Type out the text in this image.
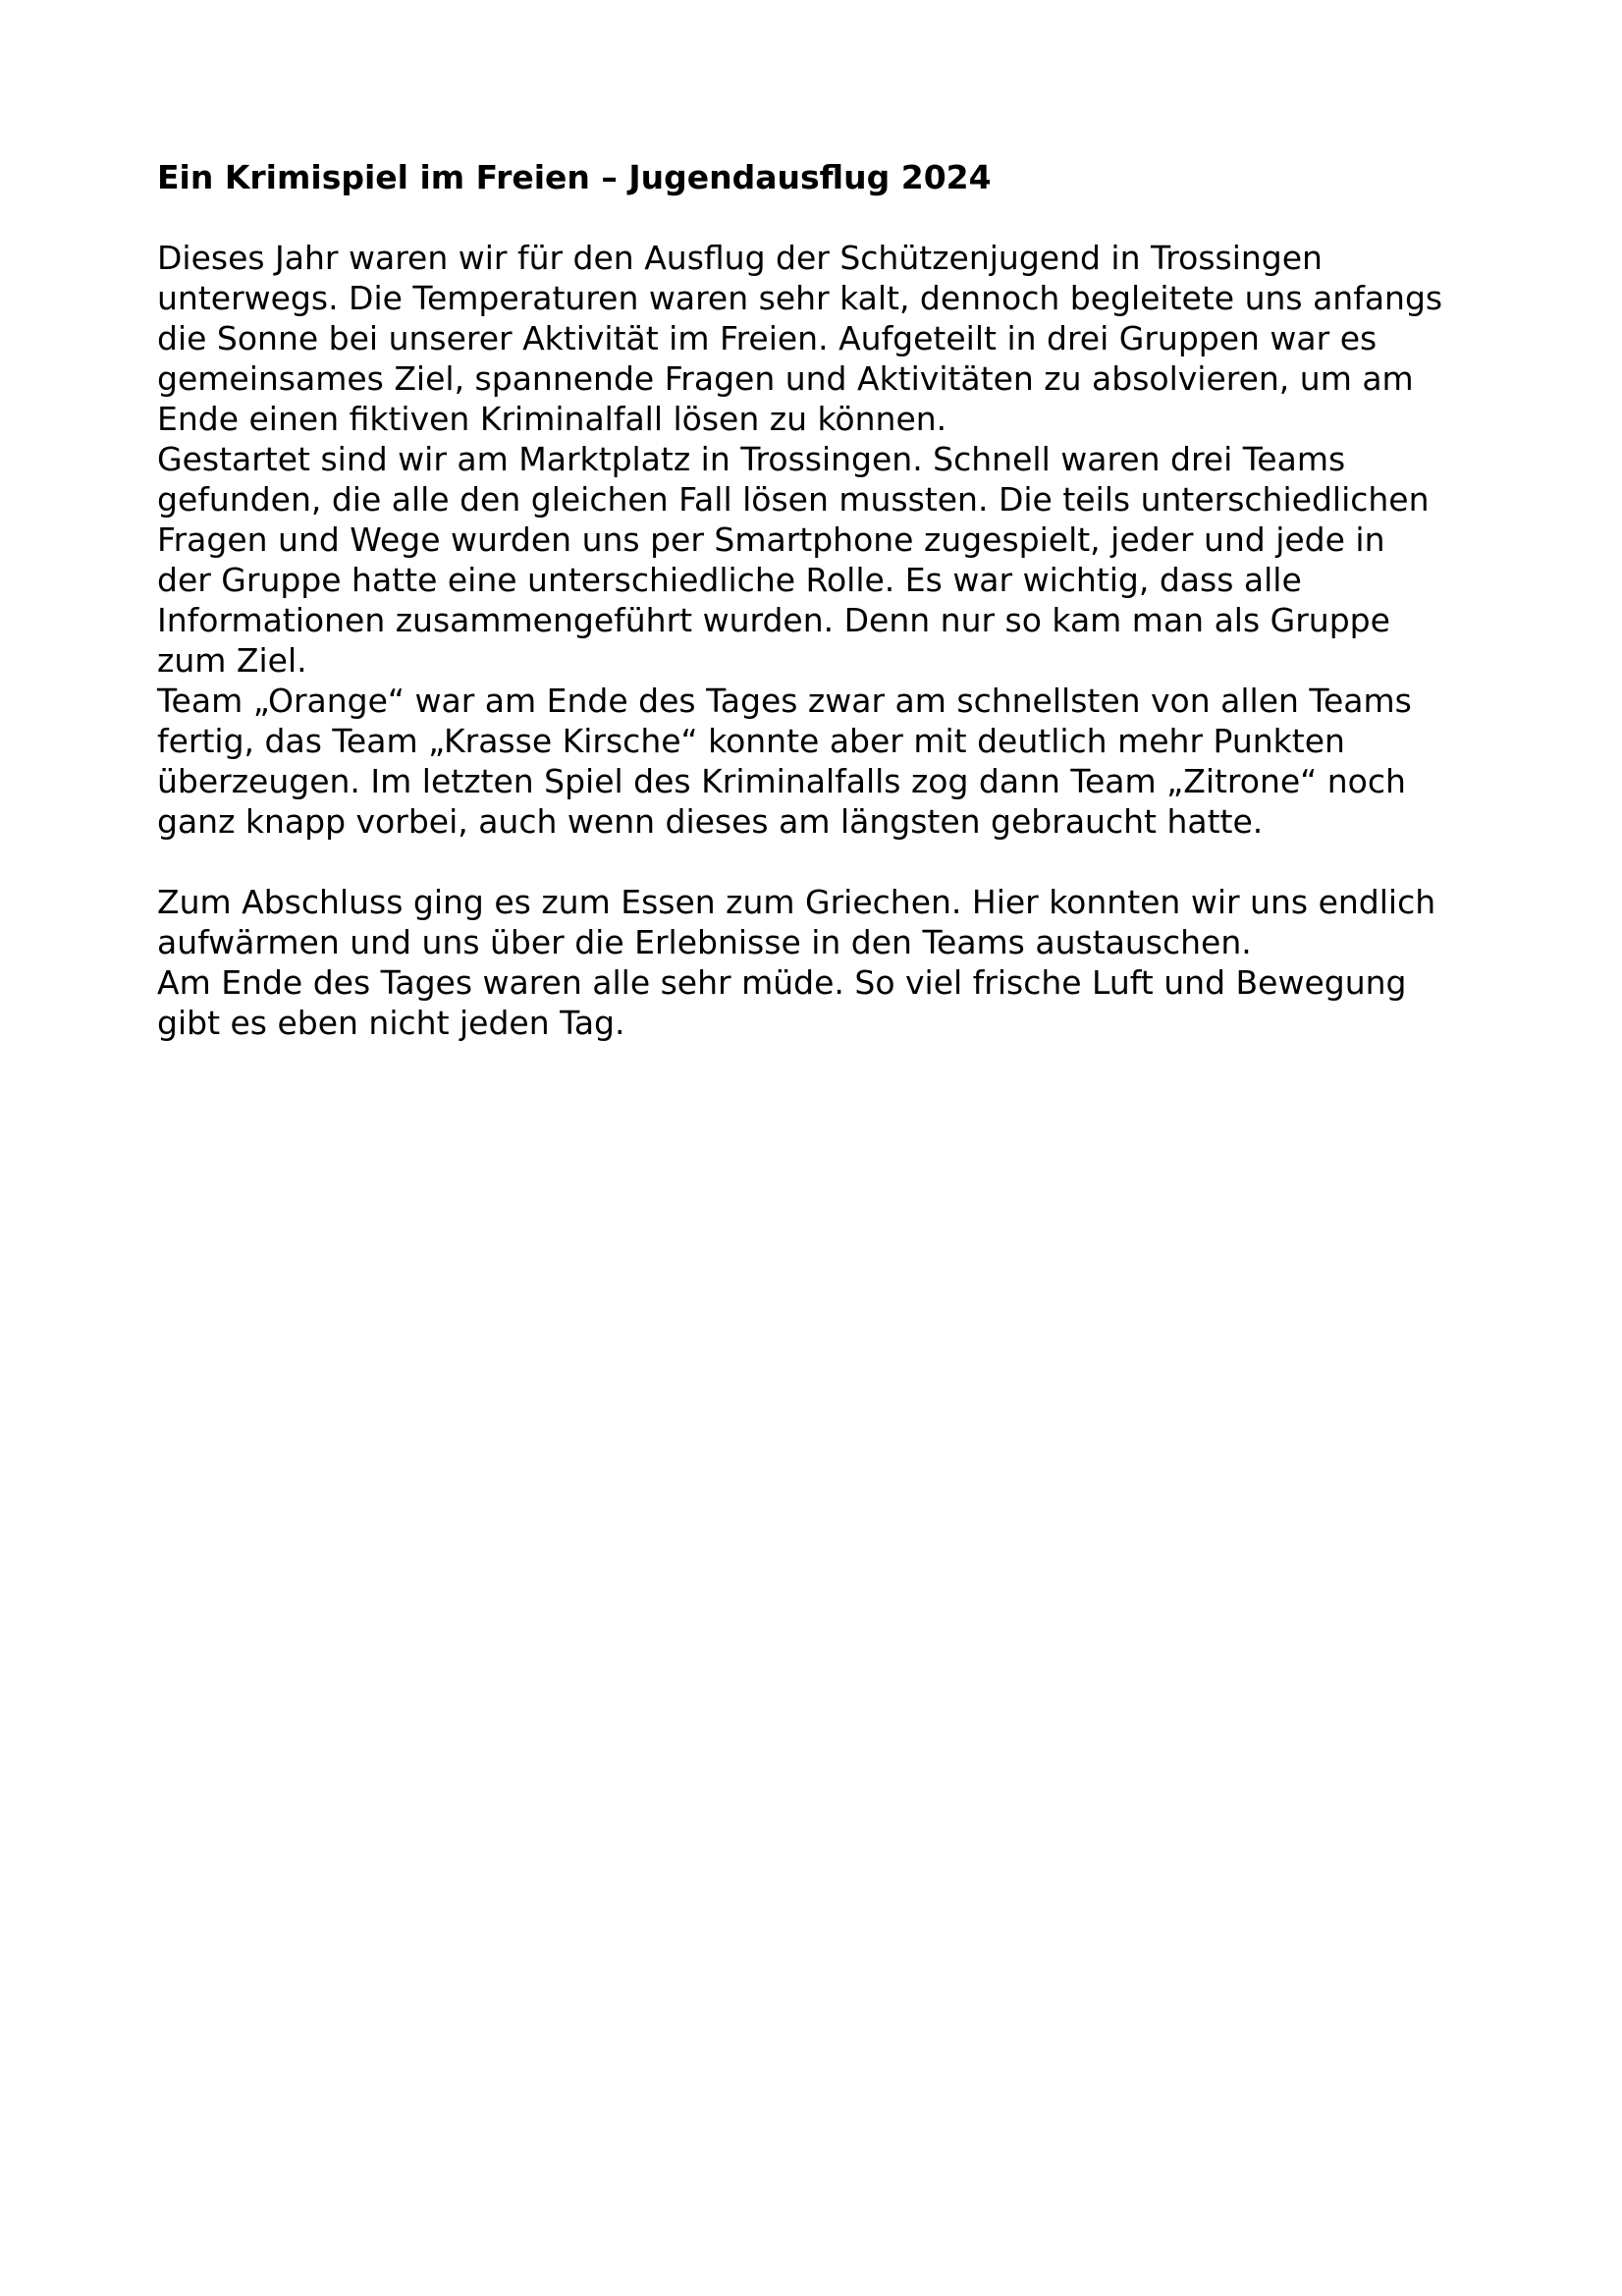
Ein Krimispiel im Freien – Jugendausflug 2024
Dieses Jahr waren wir für den Ausflug der Schützenjugend in Trossingen
unterwegs. Die Temperaturen waren sehr kalt, dennoch begleitete uns anfangs
die Sonne bei unserer Aktivität im Freien. Aufgeteilt in drei Gruppen war es
gemeinsames Ziel, spannende Fragen und Aktivitäten zu absolvieren, um am
Ende einen fiktiven Kriminalfall lösen zu können.
Gestartet sind wir am Marktplatz in Trossingen. Schnell waren drei Teams
gefunden, die alle den gleichen Fall lösen mussten. Die teils unterschiedlichen
Fragen und Wege wurden uns per Smartphone zugespielt, jeder und jede in
der Gruppe hatte eine unterschiedliche Rolle. Es war wichtig, dass alle
Informationen zusammengeführt wurden. Denn nur so kam man als Gruppe
zum Ziel.
Team „Orange“ war am Ende des Tages zwar am schnellsten von allen Teams
fertig, das Team „Krasse Kirsche“ konnte aber mit deutlich mehr Punkten
überzeugen. Im letzten Spiel des Kriminalfalls zog dann Team „Zitrone“ noch
ganz knapp vorbei, auch wenn dieses am längsten gebraucht hatte.
Zum Abschluss ging es zum Essen zum Griechen. Hier konnten wir uns endlich
aufwärmen und uns über die Erlebnisse in den Teams austauschen.
Am Ende des Tages waren alle sehr müde. So viel frische Luft und Bewegung
gibt es eben nicht jeden Tag.
